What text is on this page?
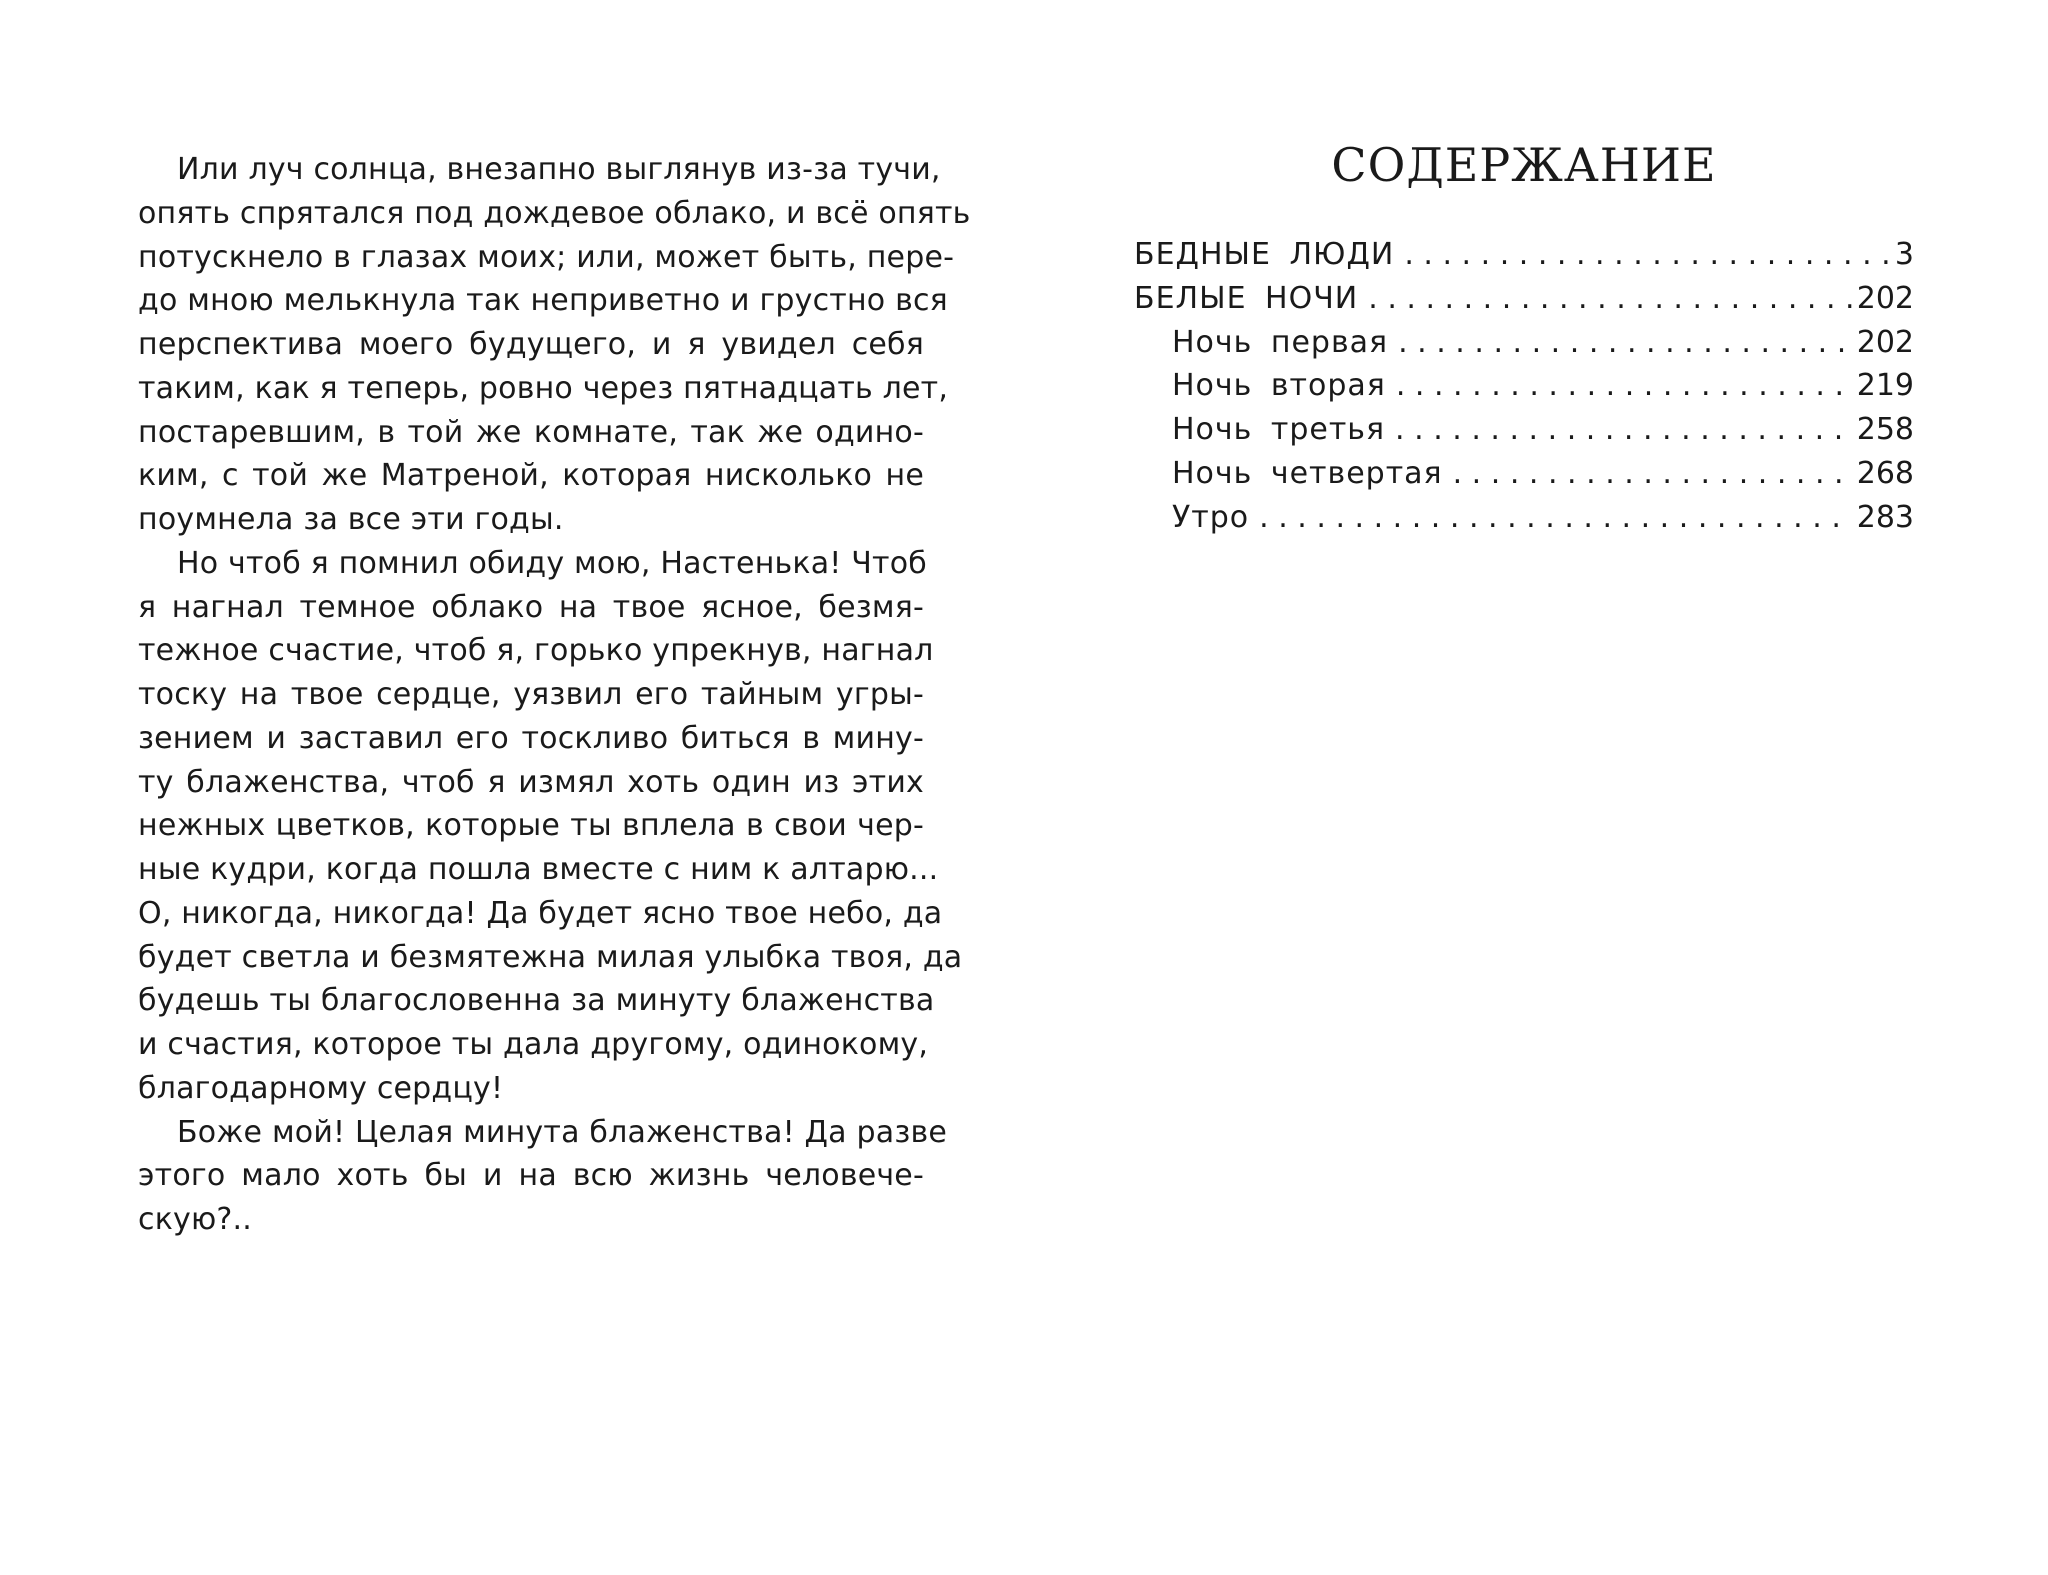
Или луч солнца, внезапно выглянув из-за тучи,
опять спрятался под дождевое облако, и всё опять
потускнело в глазах моих; или, может быть, пере-
до мною мелькнула так неприветно и грустно вся
перспектива моего будущего, и я увидел себя
таким, как я теперь, ровно через пятнадцать лет,
постаревшим, в той же комнате, так же одино-
ким, с той же Матреной, которая нисколько не
поумнела за все эти годы.
Но чтоб я помнил обиду мою, Настенька! Чтоб
я нагнал темное облако на твое ясное, безмя-
тежное счастие, чтоб я, горько упрекнув, нагнал
тоску на твое сердце, уязвил его тайным угры-
зением и заставил его тоскливо биться в мину-
ту блаженства, чтоб я измял хоть один из этих
нежных цветков, которые ты вплела в свои чер-
ные кудри, когда пошла вместе с ним к алтарю...
О, никогда, никогда! Да будет ясно твое небо, да
будет светла и безмятежна милая улыбка твоя, да
будешь ты благословенна за минуту блаженства
и счастия, которое ты дала другому, одинокому,
благодарному сердцу!
Боже мой! Целая минута блаженства! Да разве
этого мало хоть бы и на всю жизнь человече-
скую?..
СОДЕРЖАНИЕ
БЕДНЫЕ ЛЮДИ . . .	3
БЕЛЫЕ НОЧИ . . .	202
Ночь первая . . .	202
Ночь вторая . . .	219
Ночь третья . . .	258
Ночь четвертая . . .	268
Утро . . .	283
